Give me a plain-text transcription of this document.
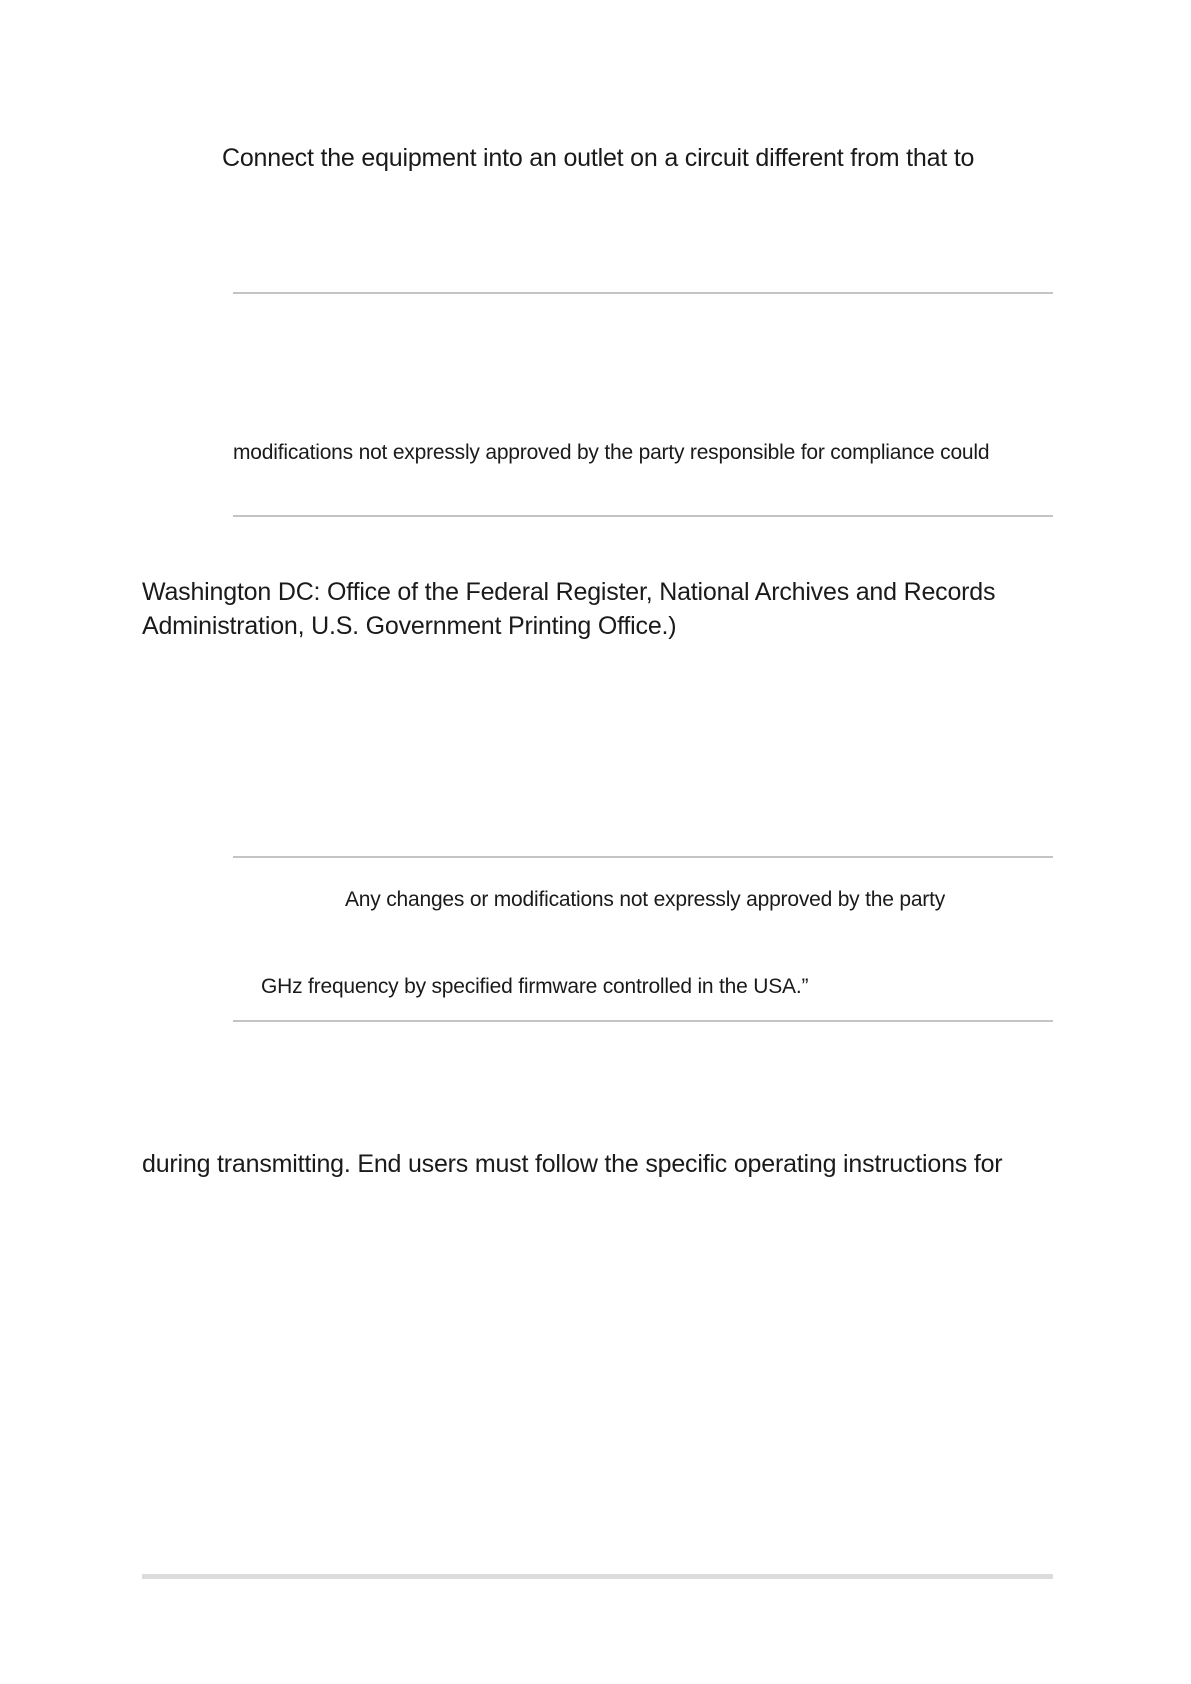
Connect the equipment into an outlet on a circuit different from that to
modifications not expressly approved by the party responsible for compliance could
Washington DC: Office of the Federal Register, National Archives and Records
Administration, U.S. Government Printing Office.)
Any changes or modifications not expressly approved by the party
GHz frequency by specified firmware controlled in the USA.”
during transmitting. End users must follow the specific operating instructions for
